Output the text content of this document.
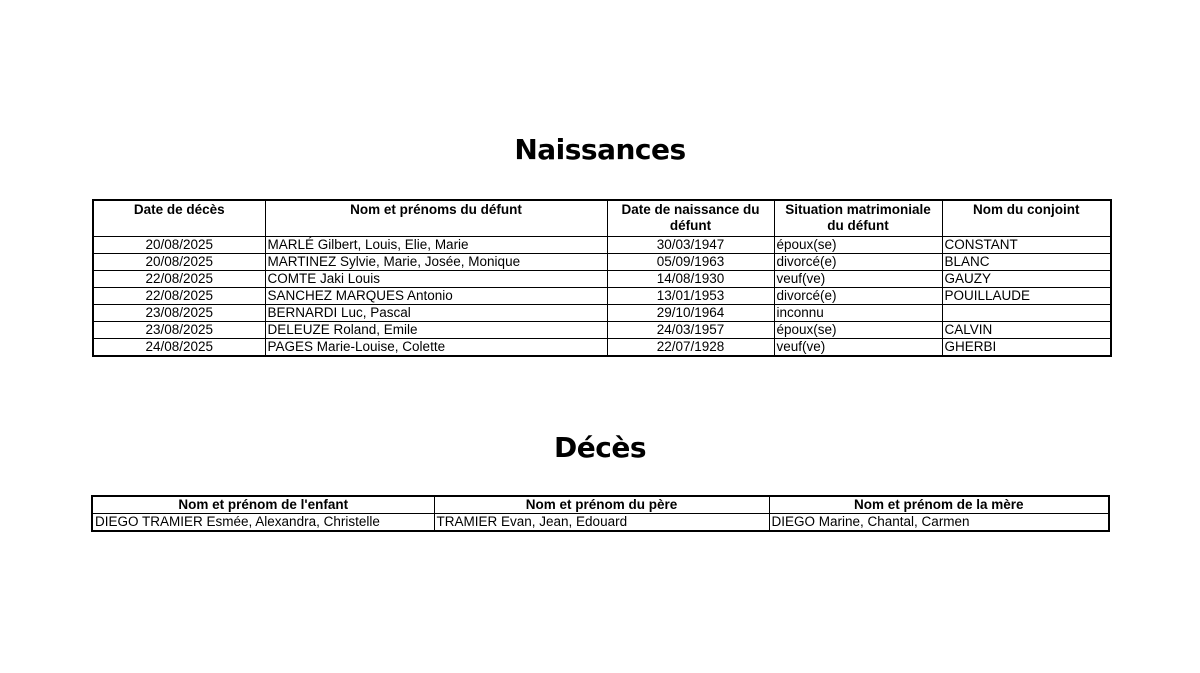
Naissances
Date de décès	Nom et prénoms du défunt	Date de naissance du défunt	Situation matrimoniale du défunt	Nom du conjoint
20/08/2025	MARLÉ Gilbert, Louis, Elie, Marie	30/03/1947	époux(se)	CONSTANT
20/08/2025	MARTINEZ Sylvie, Marie, Josée, Monique	05/09/1963	divorcé(e)	BLANC
22/08/2025	COMTE Jaki Louis	14/08/1930	veuf(ve)	GAUZY
22/08/2025	SANCHEZ MARQUES Antonio	13/01/1953	divorcé(e)	POUILLAUDE
23/08/2025	BERNARDI Luc, Pascal	29/10/1964	inconnu	
23/08/2025	DELEUZE Roland, Emile	24/03/1957	époux(se)	CALVIN
24/08/2025	PAGES Marie-Louise, Colette	22/07/1928	veuf(ve)	GHERBI
Décès
Nom et prénom de l'enfant	Nom et prénom du père	Nom et prénom de la mère
DIEGO TRAMIER Esmée, Alexandra, Christelle	TRAMIER Evan, Jean, Edouard	DIEGO Marine, Chantal, Carmen
